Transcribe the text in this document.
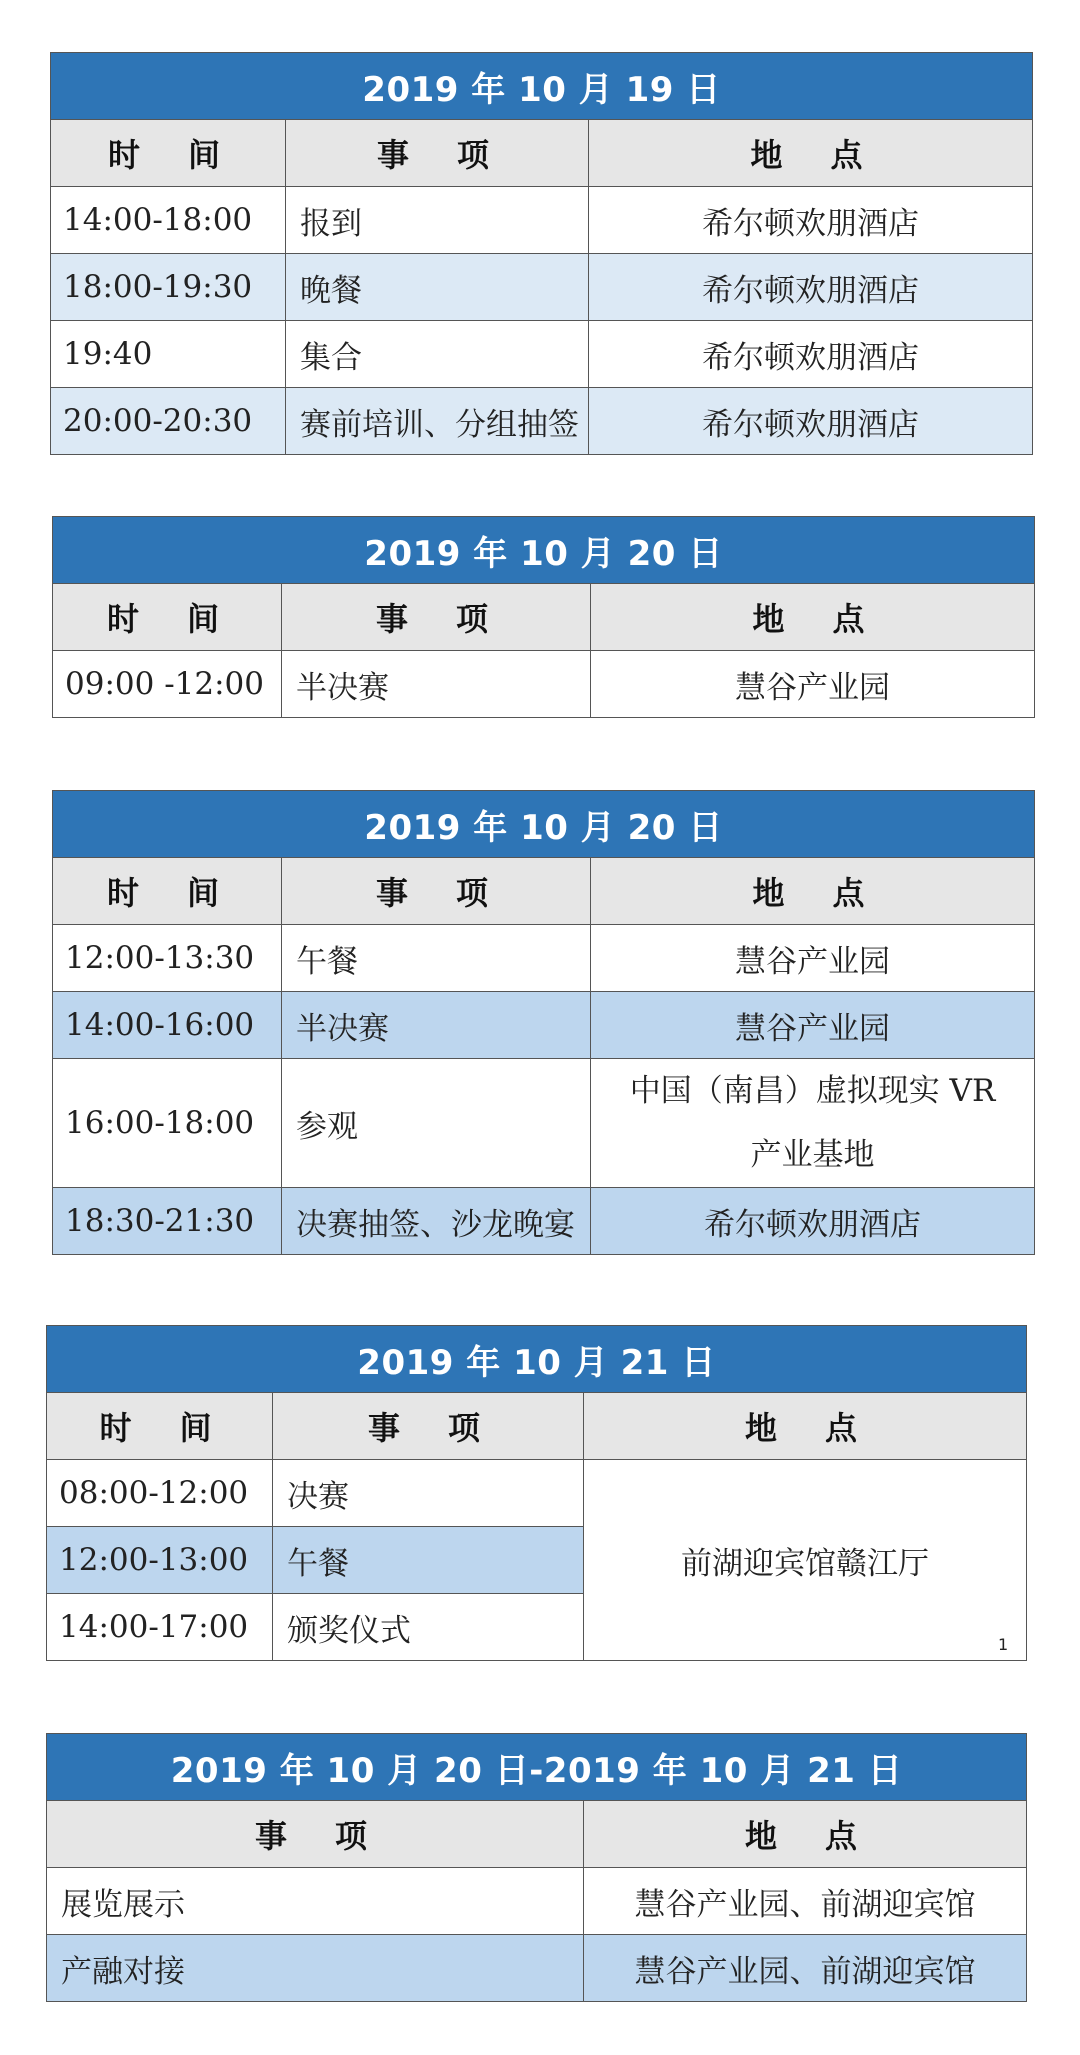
2019 年 10 月 19 日		
时　间	事　项	地　点
14:00-18:00	报到	希尔顿欢朋酒店
18:00-19:30	晚餐	希尔顿欢朋酒店
19:40	集合	希尔顿欢朋酒店
20:00-20:30	赛前培训、分组抽签	希尔顿欢朋酒店
2019 年 10 月 20 日		
时　间	事　项	地　点
09:00 -12:00	半决赛	慧谷产业园
2019 年 10 月 20 日		
时　间	事　项	地　点
12:00-13:30	午餐	慧谷产业园
14:00-16:00	半决赛	慧谷产业园
16:00-18:00	参观	中国（南昌）虚拟现实 VR
产业基地

18:30-21:30	决赛抽签、沙龙晚宴	希尔顿欢朋酒店
2019 年 10 月 21 日		
时　间	事　项	地　点
08:00-12:00	决赛	前湖迎宾馆赣江厅
12:00-13:00	午餐	
14:00-17:00	颁奖仪式		1
2019 年 10 月 20 日-2019 年 10 月 21 日	
事　项	地　点
展览展示	慧谷产业园、前湖迎宾馆
产融对接	慧谷产业园、前湖迎宾馆
